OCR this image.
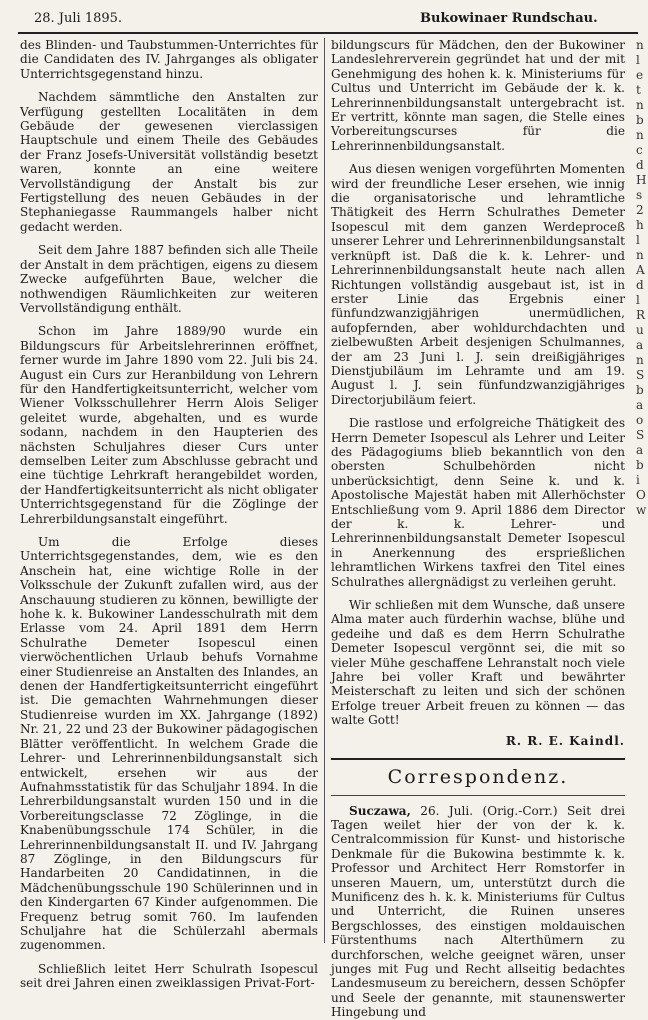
28. Juli 1895.	Bukowinaer Rundschau.

des Blinden- und Taubstummen-Unterrichtes für die Candidaten des IV. Jahrganges als obligater Unterrichtsgegenstand hinzu.

Nachdem sämmtliche den Anstalten zur Verfügung gestellten Localitäten in dem Gebäude der gewesenen vierclassigen Hauptschule und einem Theile des Gebäudes der Franz Josefs-Universität vollständig besetzt waren, konnte an eine weitere Vervollständigung der Anstalt bis zur Fertigstellung des neuen Gebäudes in der Stephaniegasse Raummangels halber nicht gedacht werden.

Seit dem Jahre 1887 befinden sich alle Theile der Anstalt in dem prächtigen, eigens zu diesem Zwecke aufgeführten Baue, welcher die nothwendigen Räumlichkeiten zur weiteren Vervollständigung enthält.

Schon im Jahre 1889/90 wurde ein Bildungscurs für Arbeitslehrerinnen eröffnet, ferner wurde im Jahre 1890 vom 22. Juli bis 24. August ein Curs zur Heranbildung von Lehrern für den Handfertigkeitsunterricht, welcher vom Wiener Volksschullehrer Herrn Alois Seliger geleitet wurde, abgehalten, und es wurde sodann, nachdem in den Haupterien des nächsten Schuljahres dieser Curs unter demselben Leiter zum Abschlusse gebracht und eine tüchtige Lehrkraft herangebildet worden, der Handfertigkeitsunterricht als nicht obligater Unterrichtsgegenstand für die Zöglinge der Lehrerbildungsanstalt eingeführt.

Um die Erfolge dieses Unterrichtsgegenstandes, dem, wie es den Anschein hat, eine wichtige Rolle in der Volksschule der Zukunft zufallen wird, aus der Anschauung studieren zu können, bewilligte der hohe k. k. Bukowiner Landesschulrath mit dem Erlasse vom 24. April 1891 dem Herrn Schulrathe Demeter Isopescul einen vierwöchentlichen Urlaub behufs Vornahme einer Studienreise an Anstalten des Inlandes, an denen der Handfertigkeitsunterricht eingeführt ist. Die gemachten Wahrnehmungen dieser Studienreise wurden im XX. Jahrgange (1892) Nr. 21, 22 und 23 der Bukowiner pädagogischen Blätter veröffentlicht. In welchem Grade die Lehrer- und Lehrerinnenbildungsanstalt sich entwickelt, ersehen wir aus der Aufnahmsstatistik für das Schuljahr 1894. In die Lehrerbildungsanstalt wurden 150 und in die Vorbereitungsclasse 72 Zöglinge, in die Knabenübungsschule 174 Schüler, in die Lehrerinnenbildungsanstalt II. und IV. Jahrgang 87 Zöglinge, in den Bildungscurs für Handarbeiten 20 Candidatinnen, in die Mädchenübungsschule 190 Schülerinnen und in den Kindergarten 67 Kinder aufgenommen. Die Frequenz betrug somit 760. Im laufenden Schuljahre hat die Schülerzahl abermals zugenommen.

Schließlich leitet Herr Schulrath Isopescul seit drei Jahren einen zweiklassigen Privat-Fort-

bildungscurs für Mädchen, den der Bukowiner Landeslehrerverein gegründet hat und der mit Genehmigung des hohen k. k. Ministeriums für Cultus und Unterricht im Gebäude der k. k. Lehrerinnenbildungsanstalt untergebracht ist. Er vertritt, könnte man sagen, die Stelle eines Vorbereitungscurses für die Lehrerinnenbildungsanstalt.

Aus diesen wenigen vorgeführten Momenten wird der freundliche Leser ersehen, wie innig die organisatorische und lehramtliche Thätigkeit des Herrn Schulrathes Demeter Isopescul mit dem ganzen Werdeproceß unserer Lehrer und Lehrerinnenbildungsanstalt verknüpft ist. Daß die k. k. Lehrer- und Lehrerinnenbildungsanstalt heute nach allen Richtungen vollständig ausgebaut ist, ist in erster Linie das Ergebnis einer fünfundzwanzigjährigen unermüdlichen, aufopfernden, aber wohldurchdachten und zielbewußten Arbeit desjenigen Schulmannes, der am 23 Juni l. J. sein dreißigjähriges Dienstjubiläum im Lehramte und am 19. August l. J. sein fünfundzwanzigjähriges Directorjubiläum feiert.

Die rastlose und erfolgreiche Thätigkeit des Herrn Demeter Isopescul als Lehrer und Leiter des Pädagogiums blieb bekanntlich von den obersten Schulbehörden nicht unberücksichtigt, denn Seine k. und k. Apostolische Majestät haben mit Allerhöchster Entschließung vom 9. April 1886 dem Director der k. k. Lehrer- und Lehrerinnenbildungsanstalt Demeter Isopescul in Anerkennung des ersprießlichen lehramtlichen Wirkens taxfrei den Titel eines Schulrathes allergnädigst zu verleihen geruht.

Wir schließen mit dem Wunsche, daß unsere Alma mater auch fürderhin wachse, blühe und gedeihe und daß es dem Herrn Schulrathe Demeter Isopescul vergönnt sei, die mit so vieler Mühe geschaffene Lehranstalt noch viele Jahre bei voller Kraft und bewährter Meisterschaft zu leiten und sich der schönen Erfolge treuer Arbeit freuen zu können — das walte Gott!

R. R. E. Kaindl.
Correspondenz.

Suczawa, 26. Juli. (Orig.-Corr.) Seit drei Tagen weilet hier der von der k. k. Centralcommission für Kunst- und historische Denkmale für die Bukowina bestimmte k. k. Professor und Architect Herr Romstorfer in unseren Mauern, um, unterstützt durch die Munificenz des h. k. k. Ministeriums für Cultus und Unterricht, die Ruinen unseres Bergschlosses, des einstigen moldauischen Fürstenthums nach Alterthümern zu durchforschen, welche geeignet wären, unser junges mit Fug und Recht allseitig bedachtes Landesmuseum zu bereichern, dessen Schöpfer und Seele der genannte, mit staunenswerter Hingebung und

n
l
e
t
n
b
n
c
d
H
s
2
h
l
n
A
d
l
R
u
a
n
S
b
a
o
S
a
b
i
O
w
